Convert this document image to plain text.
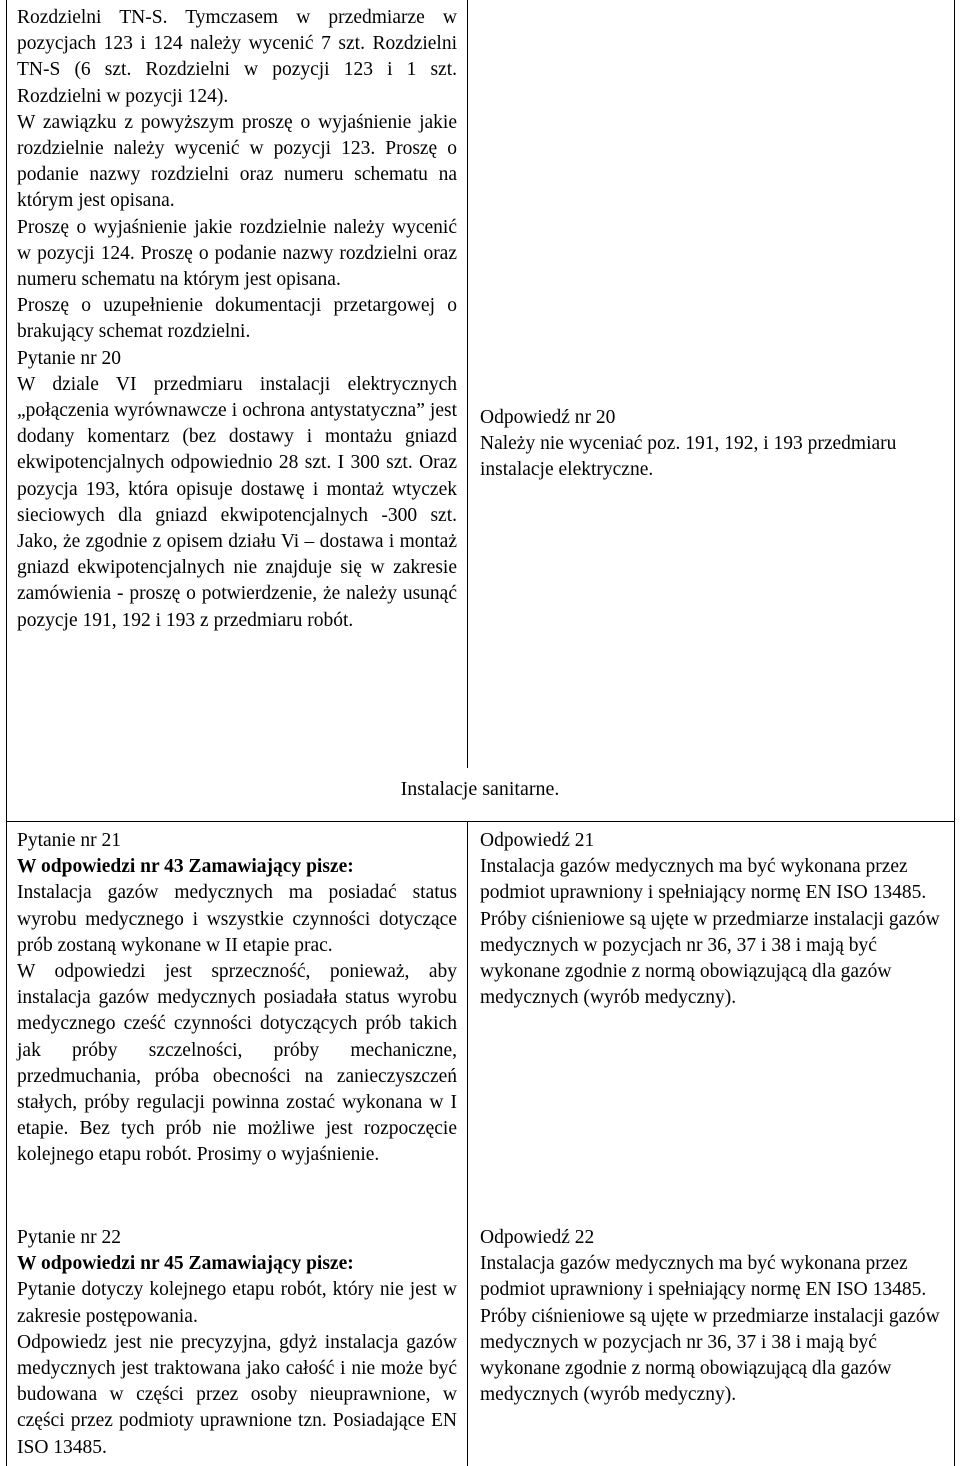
Rozdzielni TN-S. Tymczasem w przedmiarze w pozycjach 123 i 124 należy wycenić 7 szt. Rozdzielni TN-S (6 szt. Rozdzielni w pozycji 123 i 1 szt. Rozdzielni w pozycji 124).

W zawiązku z powyższym proszę o wyjaśnienie jakie rozdzielnie należy wycenić w pozycji 123. Proszę o podanie nazwy rozdzielni oraz numeru schematu na którym jest opisana.

Proszę o wyjaśnienie jakie rozdzielnie należy wycenić w pozycji 124. Proszę o podanie nazwy rozdzielni oraz numeru schematu na którym jest opisana.

Proszę o uzupełnienie dokumentacji przetargowej o brakujący schemat rozdzielni.

Pytanie nr 20

W dziale VI przedmiaru instalacji elektrycznych „połączenia wyrównawcze i ochrona antystatyczna” jest dodany komentarz (bez dostawy i montażu gniazd ekwipotencjalnych odpowiednio 28 szt. I 300 szt. Oraz pozycja 193, która opisuje dostawę i montaż wtyczek sieciowych dla gniazd ekwipotencjalnych -300 szt. Jako, że zgodnie z opisem działu Vi – dostawa i montaż gniazd ekwipotencjalnych nie znajduje się w zakresie zamówienia - proszę o potwierdzenie, że należy usunąć pozycje 191, 192 i 193 z przedmiaru robót.

Odpowiedź nr 20

Należy nie wyceniać poz. 191, 192, i 193 przedmiaru instalacje elektryczne.

Instalacje sanitarne.

Pytanie nr 21

W odpowiedzi nr 43 Zamawiający pisze:

Instalacja gazów medycznych ma posiadać status wyrobu medycznego i wszystkie czynności dotyczące prób zostaną wykonane w II etapie prac.

W odpowiedzi jest sprzeczność, ponieważ, aby instalacja gazów medycznych posiadała status wyrobu medycznego cześć czynności dotyczących prób takich jak próby szczelności, próby mechaniczne, przedmuchania, próba obecności na zanieczyszczeń stałych, próby regulacji powinna zostać wykonana w I etapie. Bez tych prób nie możliwe jest rozpoczęcie kolejnego etapu robót. Prosimy o wyjaśnienie.

Odpowiedź 21

Instalacja gazów medycznych ma być wykonana przez podmiot uprawniony i spełniający normę EN ISO 13485. Próby ciśnieniowe są ujęte w przedmiarze instalacji gazów medycznych w pozycjach nr 36, 37 i 38 i mają być wykonane zgodnie z normą obowiązującą dla gazów medycznych (wyrób medyczny).

Pytanie nr 22

W odpowiedzi nr 45 Zamawiający pisze:

Pytanie dotyczy kolejnego etapu robót, który nie jest w zakresie postępowania.

Odpowiedz jest nie precyzyjna, gdyż instalacja gazów medycznych jest traktowana jako całość i nie może być budowana w części przez osoby nieuprawnione, w części przez podmioty uprawnione tzn. Posiadające EN ISO 13485.

Odpowiedź 22

Instalacja gazów medycznych ma być wykonana przez podmiot uprawniony i spełniający normę EN ISO 13485. Próby ciśnieniowe są ujęte w przedmiarze instalacji gazów medycznych w pozycjach nr 36, 37 i 38 i mają być wykonane zgodnie z normą obowiązującą dla gazów medycznych (wyrób medyczny).
